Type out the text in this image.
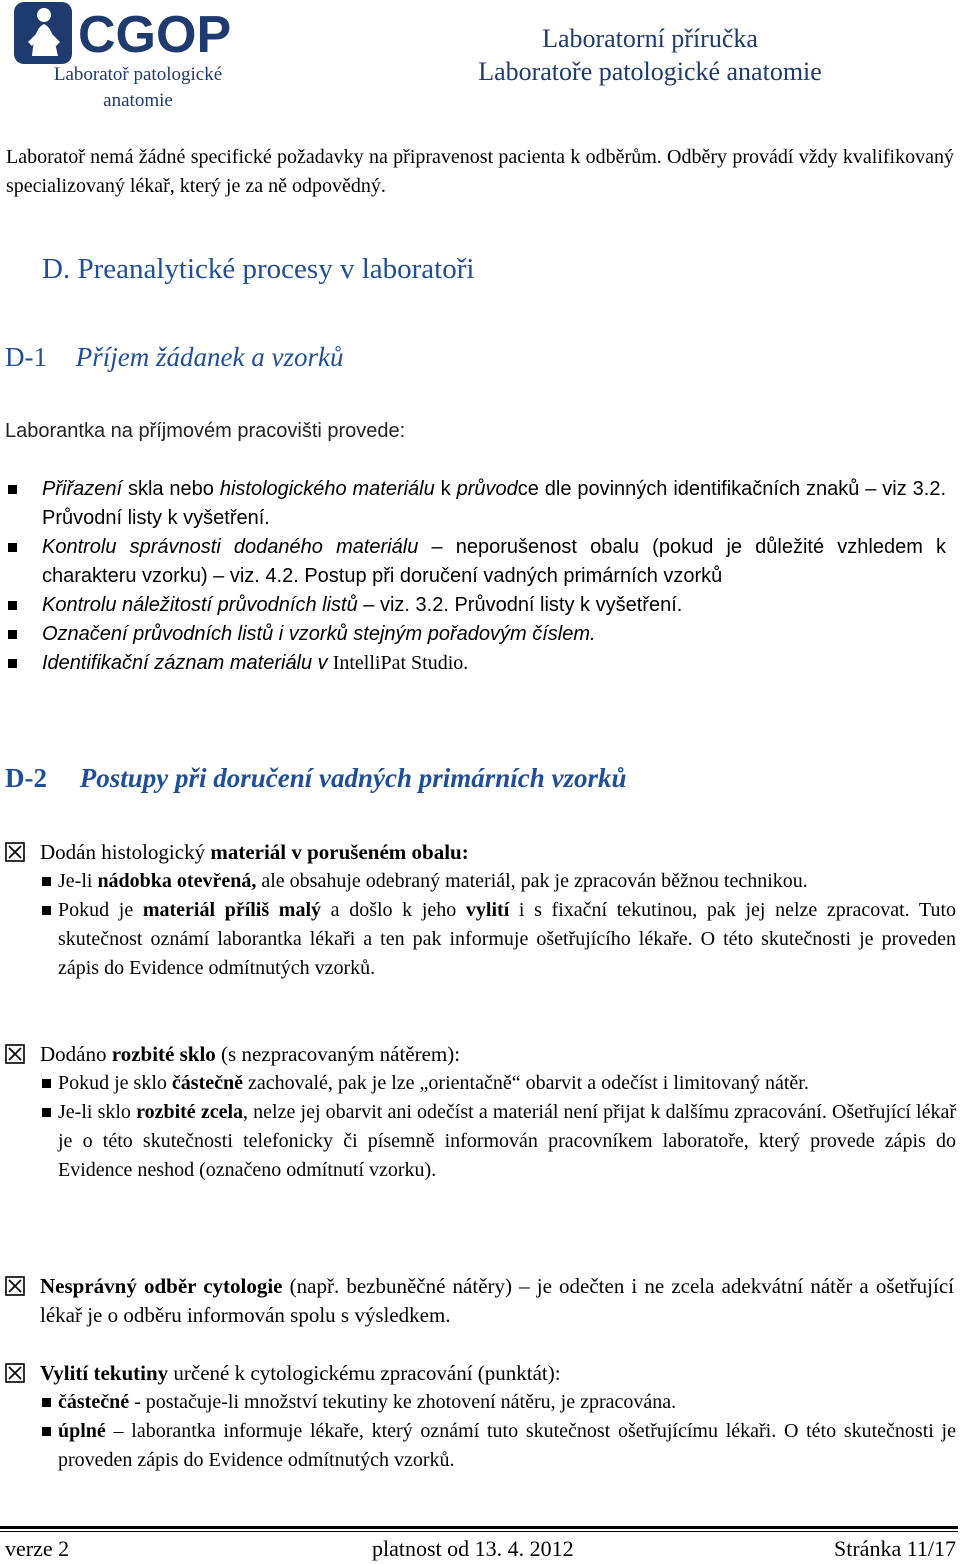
CGOP
Laboratoř patologické anatomie
Laboratorní příručka
Laboratoře patologické anatomie

Laboratoř nemá žádné specifické požadavky na připravenost pacienta k odběrům. Odběry provádí vždy kvalifikovaný specializovaný lékař, který je za ně odpovědný.

D. Preanalytické procesy v laboratoři
D-1 Příjem žádanek a vzorků
Laborantka na příjmovém pracovišti provede:
Přiřazení skla nebo histologického materiálu k průvodce dle povinných identifikačních znaků – viz 3.2. Průvodní listy k vyšetření.
Kontrolu správnosti dodaného materiálu – neporušenost obalu (pokud je důležité vzhledem k charakteru vzorku) – viz. 4.2. Postup při doručení vadných primárních vzorků
Kontrolu náležitostí průvodních listů – viz. 3.2. Průvodní listy k vyšetření.
Označení průvodních listů i vzorků stejným pořadovým číslem.
Identifikační záznam materiálu v IntelliPat Studio.
D-2 Postupy při doručení vadných primárních vzorků
Dodán histologický materiál v porušeném obalu:
Je-li nádobka otevřená, ale obsahuje odebraný materiál, pak je zpracován běžnou technikou.
Pokud je materiál příliš malý a došlo k jeho vylití i s fixační tekutinou, pak jej nelze zpracovat. Tuto skutečnost oznámí laborantka lékaři a ten pak informuje ošetřujícího lékaře. O této skutečnosti je proveden zápis do Evidence odmítnutých vzorků.
Dodáno rozbité sklo (s nezpracovaným nátěrem):
Pokud je sklo částečně zachovalé, pak je lze „orientačně“ obarvit a odečíst i limitovaný nátěr.
Je-li sklo rozbité zcela, nelze jej obarvit ani odečíst a materiál není přijat k dalšímu zpracování. Ošetřující lékař je o této skutečnosti telefonicky či písemně informován pracovníkem laboratoře, který provede zápis do Evidence neshod (označeno odmítnutí vzorku).
Nesprávný odběr cytologie (např. bezbuněčné nátěry) – je odečten i ne zcela adekvátní nátěr a ošetřující lékař je o odběru informován spolu s výsledkem.
Vylití tekutiny určené k cytologickému zpracování (punktát):
částečné - postačuje-li množství tekutiny ke zhotovení nátěru, je zpracována.
úplné – laborantka informuje lékaře, který oznámí tuto skutečnost ošetřujícímu lékaři. O této skutečnosti je proveden zápis do Evidence odmítnutých vzorků.
verze 2	platnost od 13. 4. 2012	Stránka 11/17
